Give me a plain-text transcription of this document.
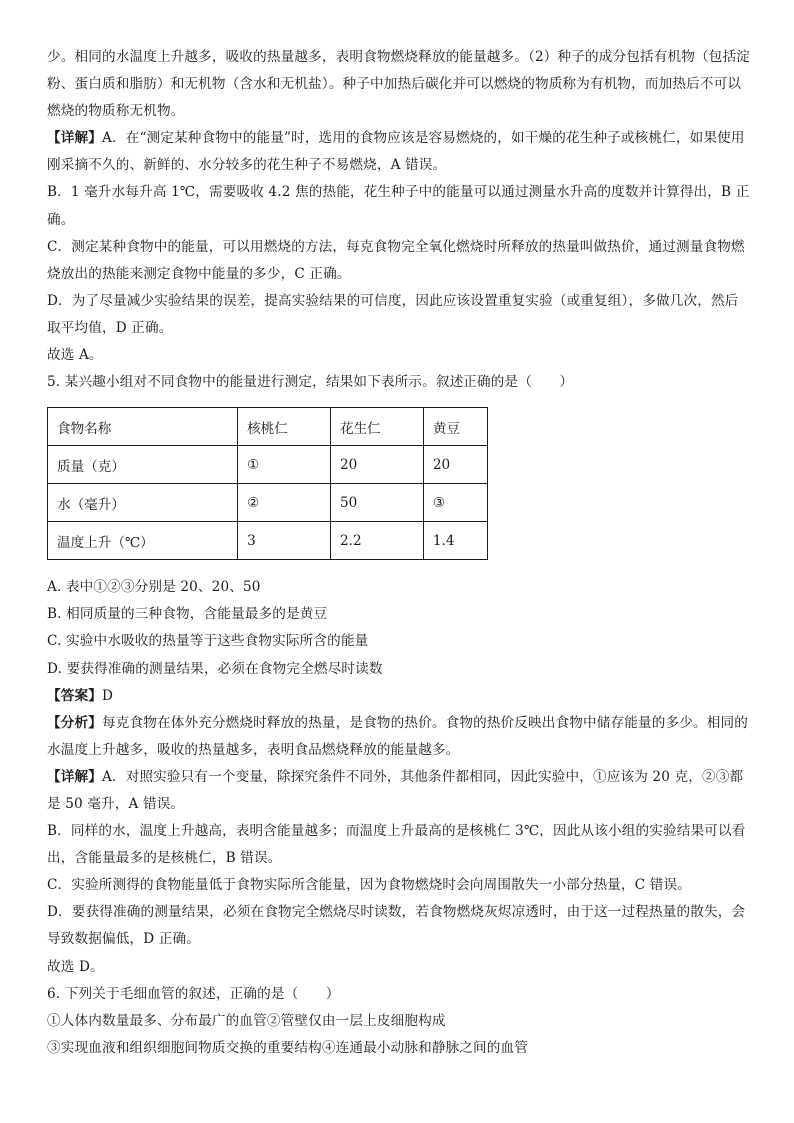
少。相同的水温度上升越多，吸收的热量越多，表明食物燃烧释放的能量越多。（2）种子的成分包括有机物（包括淀粉、蛋白质和脂肪）和无机物（含水和无机盐）。种子中加热后碳化并可以燃烧的物质称为有机物，而加热后不可以燃烧的物质称无机物。

【详解】A．在“测定某种食物中的能量”时，选用的食物应该是容易燃烧的，如干燥的花生种子或核桃仁，如果使用刚采摘不久的、新鲜的、水分较多的花生种子不易燃烧，A 错误。

B．1 毫升水每升高 1℃，需要吸收 4.2 焦的热能，花生种子中的能量可以通过测量水升高的度数并计算得出，B 正确。

C．测定某种食物中的能量，可以用燃烧的方法，每克食物完全氧化燃烧时所释放的热量叫做热价，通过测量食物燃烧放出的热能来测定食物中能量的多少，C 正确。

D．为了尽量减少实验结果的误差，提高实验结果的可信度，因此应该设置重复实验（或重复组），多做几次，然后取平均值，D 正确。

故选 A。

5. 某兴趣小组对不同食物中的能量进行测定，结果如下表所示。叙述正确的是（　　）

食物名称	核桃仁	花生仁	黄豆
质量（克）	①	20	20
水（毫升）	②	50	③
温度上升（℃）	3	2.2	1.4

A. 表中①②③分别是 20、20、50

B. 相同质量的三种食物，含能量最多的是黄豆

C. 实验中水吸收的热量等于这些食物实际所含的能量

D. 要获得准确的测量结果，必须在食物完全燃尽时读数

【答案】D

【分析】每克食物在体外充分燃烧时释放的热量，是食物的热价。食物的热价反映出食物中储存能量的多少。相同的水温度上升越多，吸收的热量越多，表明食品燃烧释放的能量越多。

【详解】A．对照实验只有一个变量，除探究条件不同外，其他条件都相同，因此实验中，①应该为 20 克，②③都是 50 毫升，A 错误。

B．同样的水，温度上升越高，表明含能量越多；而温度上升最高的是核桃仁 3℃，因此从该小组的实验结果可以看出，含能量最多的是核桃仁，B 错误。

C．实验所测得的食物能量低于食物实际所含能量，因为食物燃烧时会向周围散失一小部分热量，C 错误。

D．要获得准确的测量结果，必须在食物完全燃烧尽时读数，若食物燃烧灰烬凉透时，由于这一过程热量的散失，会导致数据偏低，D 正确。

故选 D。

6. 下列关于毛细血管的叙述，正确的是（　　）

①人体内数量最多、分布最广的血管②管壁仅由一层上皮细胞构成

③实现血液和组织细胞间物质交换的重要结构④连通最小动脉和静脉之间的血管
